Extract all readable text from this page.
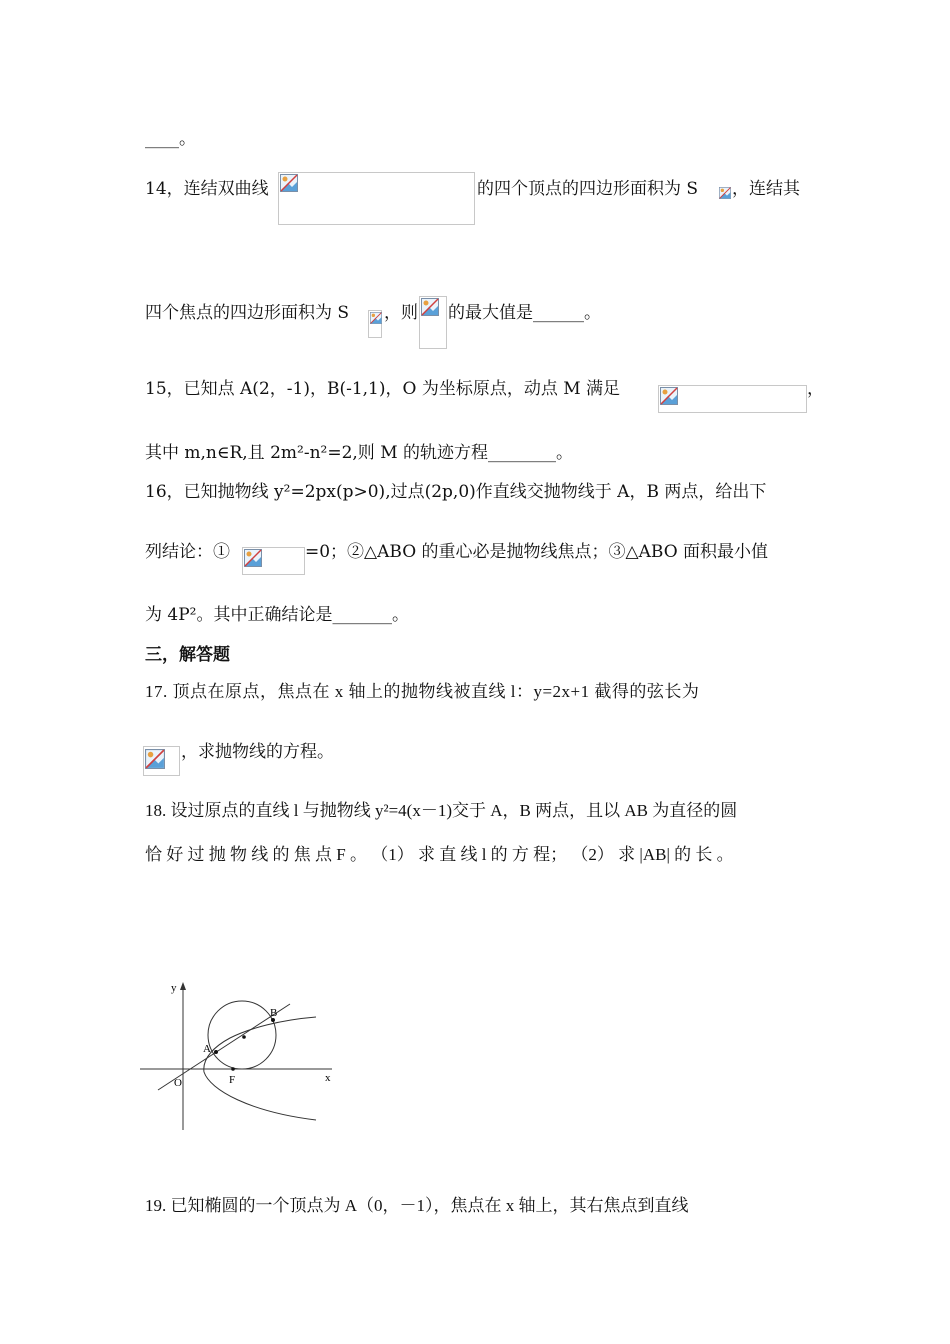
____。
14，连结双曲线	的四个顶点的四边形面积为 S ，连结其
四个焦点的四边形面积为 S ，则 的最大值是______。
15，已知点 A(2，-1)，B(-1,1)，O 为坐标原点，动点 M 满足	，
其中 m,n∈R,且 2m²-n²=2,则 M 的轨迹方程________。
16，已知抛物线 y²=2px(p>0),过点(2p,0)作直线交抛物线于 A，B 两点，给出下
列结论：①	=0；②△ABO 的重心必是抛物线焦点；③△ABO 面积最小值
为 4P²。其中正确结论是_______。
三，解答题
17. 顶点在原点，焦点在 x 轴上的抛物线被直线 l：y=2x+1 截得的弦长为
，求抛物线的方程。
18. 设过原点的直线 l 与抛物线 y²=4(x－1)交于 A，B 两点，且以 AB 为直径的圆
恰 好 过 抛 物 线 的 焦 点 F 。 （1） 求 直 线 l 的 方 程； （2） 求 |AB| 的 长 。
y
x
O
A
B
F
19. 已知椭圆的一个顶点为 A（0，－1），焦点在 x 轴上，其右焦点到直线
